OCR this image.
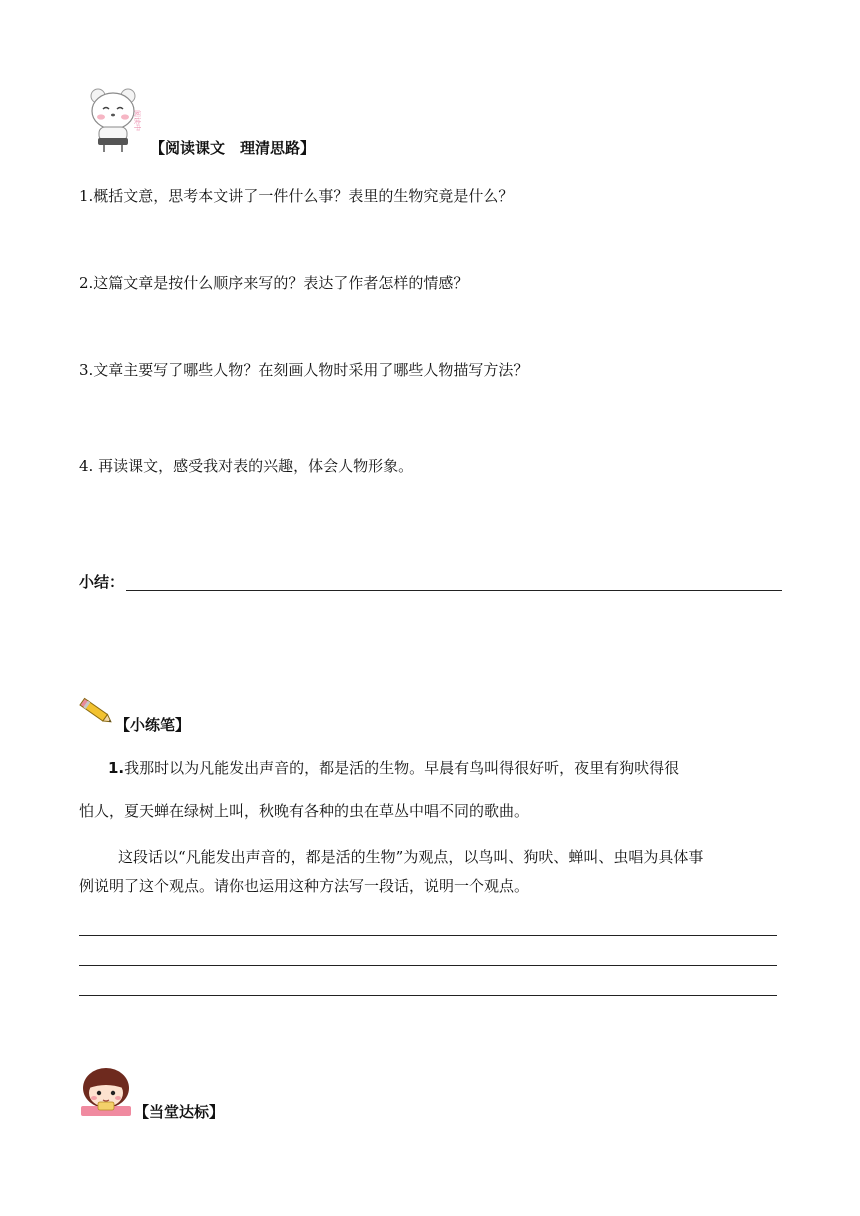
阅读中
【阅读课文　理清思路】
1.概括文意，思考本文讲了一件什么事？表里的生物究竟是什么？
2.这篇文章是按什么顺序来写的？表达了作者怎样的情感？
3.文章主要写了哪些人物？在刻画人物时采用了哪些人物描写方法？
4. 再读课文，感受我对表的兴趣，体会人物形象。
小结：
【小练笔】
1.我那时以为凡能发出声音的，都是活的生物。早晨有鸟叫得很好听，夜里有狗吠得很
怕人，夏天蝉在绿树上叫，秋晚有各种的虫在草丛中唱不同的歌曲。
这段话以“凡能发出声音的，都是活的生物”为观点，以鸟叫、狗吠、蝉叫、虫唱为具体事
例说明了这个观点。请你也运用这种方法写一段话，说明一个观点。
【当堂达标】
